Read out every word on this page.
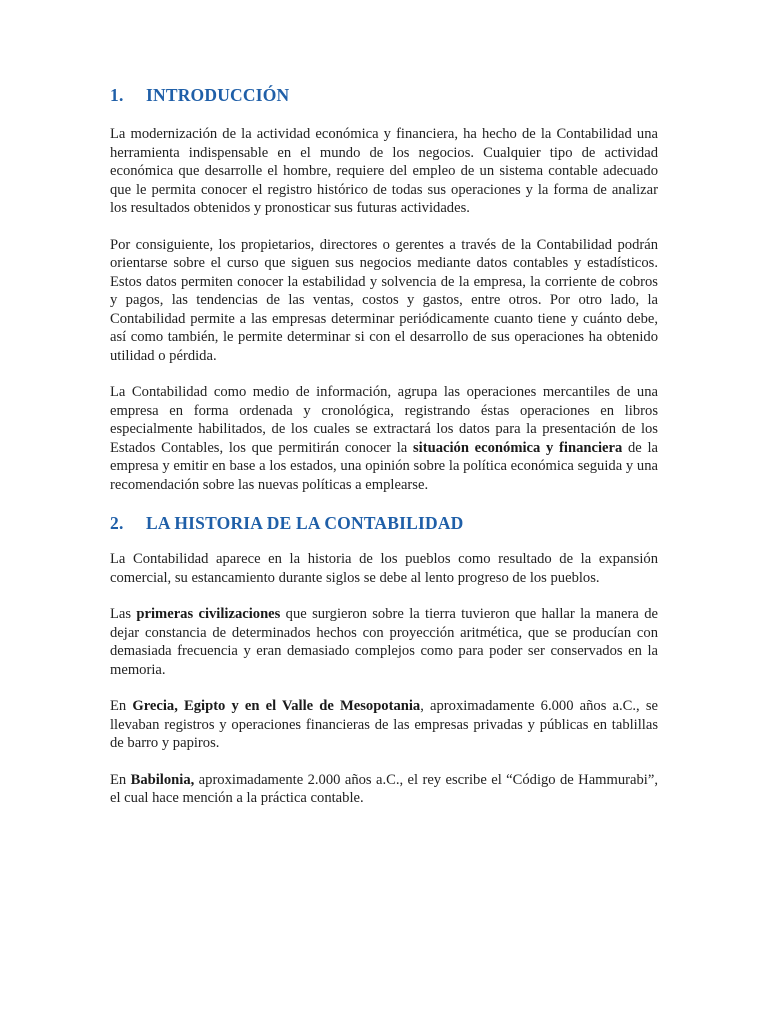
1. INTRODUCCIÓN

La modernización de la actividad económica y financiera, ha hecho de la Contabilidad una herramienta indispensable en el mundo de los negocios. Cualquier tipo de actividad económica que desarrolle el hombre, requiere del empleo de un sistema contable adecuado que le permita conocer el registro histórico de todas sus operaciones y la forma de analizar los resultados obtenidos y pronosticar sus futuras actividades.

Por consiguiente, los propietarios, directores o gerentes a través de la Contabilidad podrán orientarse sobre el curso que siguen sus negocios mediante datos contables y estadísticos. Estos datos permiten conocer la estabilidad y solvencia de la empresa, la corriente de cobros y pagos, las tendencias de las ventas, costos y gastos, entre otros. Por otro lado, la Contabilidad permite a las empresas determinar periódicamente cuanto tiene y cuánto debe, así como también, le permite determinar si con el desarrollo de sus operaciones ha obtenido utilidad o pérdida.

La Contabilidad como medio de información, agrupa las operaciones mercantiles de una empresa en forma ordenada y cronológica, registrando éstas operaciones en libros especialmente habilitados, de los cuales se extractará los datos para la presentación de los Estados Contables, los que permitirán conocer la situación económica y financiera de la empresa y emitir en base a los estados, una opinión sobre la política económica seguida y una recomendación sobre las nuevas políticas a emplearse.

2. LA HISTORIA DE LA CONTABILIDAD

La Contabilidad aparece en la historia de los pueblos como resultado de la expansión comercial, su estancamiento durante siglos se debe al lento progreso de los pueblos.

Las primeras civilizaciones que surgieron sobre la tierra tuvieron que hallar la manera de dejar constancia de determinados hechos con proyección aritmética, que se producían con demasiada frecuencia y eran demasiado complejos como para poder ser conservados en la memoria.

En Grecia, Egipto y en el Valle de Mesopotania, aproximadamente 6.000 años a.C., se llevaban registros y operaciones financieras de las empresas privadas y públicas en tablillas de barro y papiros.

En Babilonia, aproximadamente 2.000 años a.C., el rey escribe el “Código de Hammurabi”, el cual hace mención a la práctica contable.
